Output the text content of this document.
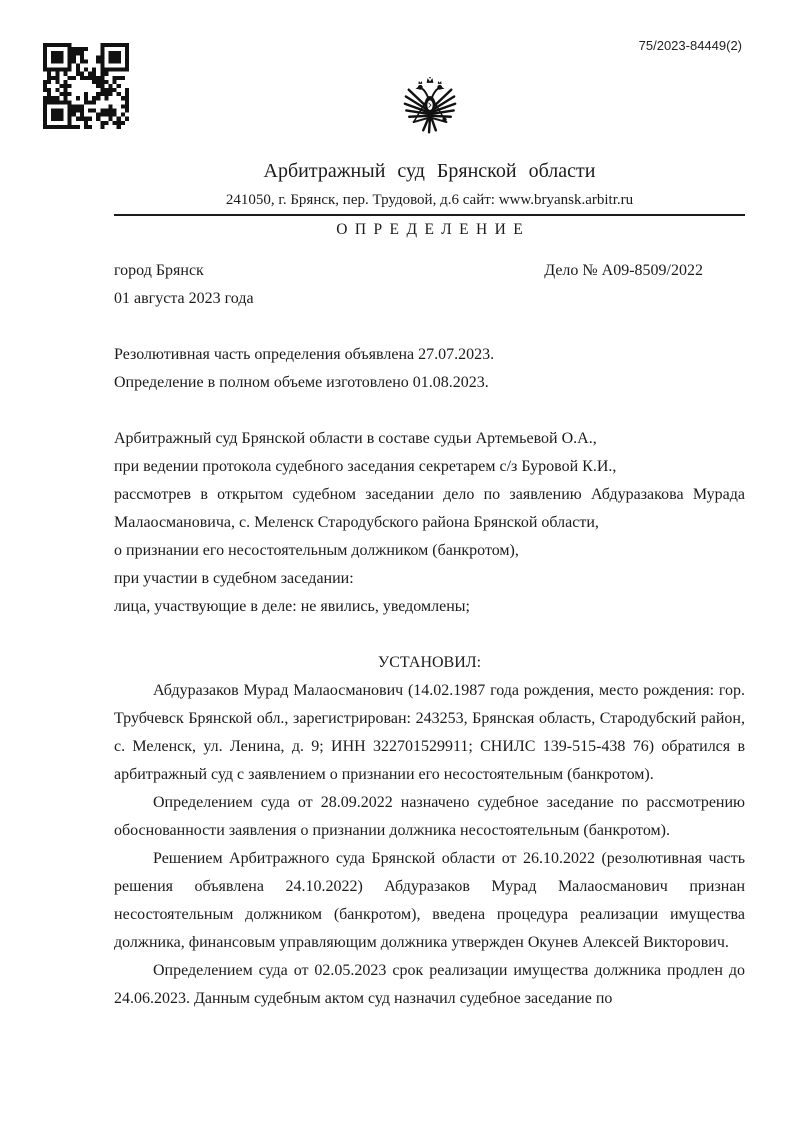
75/2023-84449(2)
Арбитражный суд Брянской области
241050, г. Брянск, пер. Трудовой, д.6 сайт: www.bryansk.arbitr.ru
ОПРЕДЕЛЕНИЕ
город Брянск	Дело № А09-8509/2022
01 августа 2023 года
Резолютивная часть определения объявлена 27.07.2023.
Определение в полном объеме изготовлено 01.08.2023.

Арбитражный суд Брянской области в составе судьи Артемьевой О.А.,

при ведении протокола судебного заседания секретарем с/з Буровой К.И.,

рассмотрев в открытом судебном заседании дело по заявлению Абдуразакова Мурада Малаосмановича, с. Меленск Стародубского района Брянской области,

о признании его несостоятельным должником (банкротом),

при участии в судебном заседании:

лица, участвующие в деле: не явились, уведомлены;

УСТАНОВИЛ:

Абдуразаков Мурад Малаосманович (14.02.1987 года рождения, место рождения: гор. Трубчевск Брянской обл., зарегистрирован: 243253, Брянская область, Стародубский район, с. Меленск, ул. Ленина, д. 9; ИНН 322701529911; СНИЛС 139-515-438 76) обратился в арбитражный суд с заявлением о признании его несостоятельным (банкротом).

Определением суда от 28.09.2022 назначено судебное заседание по рассмотрению обоснованности заявления о признании должника несостоятельным (банкротом).

Решением Арбитражного суда Брянской области от 26.10.2022 (резолютивная часть решения объявлена 24.10.2022) Абдуразаков Мурад Малаосманович признан несостоятельным должником (банкротом), введена процедура реализации имущества должника, финансовым управляющим должника утвержден Окунев Алексей Викторович.

Определением суда от 02.05.2023 срок реализации имущества должника продлен до 24.06.2023. Данным судебным актом суд назначил судебное заседание по
